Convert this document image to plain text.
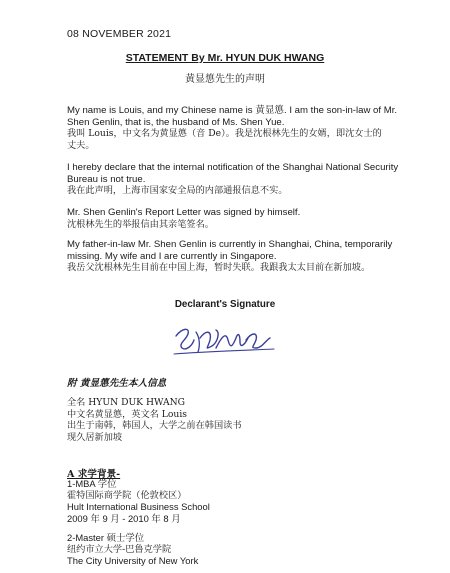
08 NOVEMBER 2021
STATEMENT By Mr. HYUN DUK HWANG
黄显憄先生的声明
My name is Louis, and my Chinese name is 黄显憄. I am the son-in-law of Mr.
Shen Genlin, that is, the husband of Ms. Shen Yue.
我叫 Louis，中文名为黄显憄（音 De）。我是沈根林先生的女婿，即沈女士的
丈夫。
I hereby declare that the internal notification of the Shanghai National Security
Bureau is not true.
我在此声明，上海市国家安全局的内部通报信息不实。
Mr. Shen Genlin's Report Letter was signed by himself.
沈根林先生的举报信由其亲笔签名。
My father-in-law Mr. Shen Genlin is currently in Shanghai, China, temporarily
missing. My wife and I are currently in Singapore.
我岳父沈根林先生目前在中国上海，暂时失联。我跟我太太目前在新加坡。
Declarant's Signature
附 黄显憄先生本人信息
全名 HYUN DUK HWANG
中文名黄显憄，英文名 Louis
出生于南韩，韩国人，大学之前在韩国读书
现久居新加坡
A 求学背景-
1-MBA 学位
霍特国际商学院（伦敦校区）
Hult International Business School
2009 年 9 月 - 2010 年 8 月
2-Master 硕士学位
纽约市立大学-巴鲁克学院
The City University of New York
